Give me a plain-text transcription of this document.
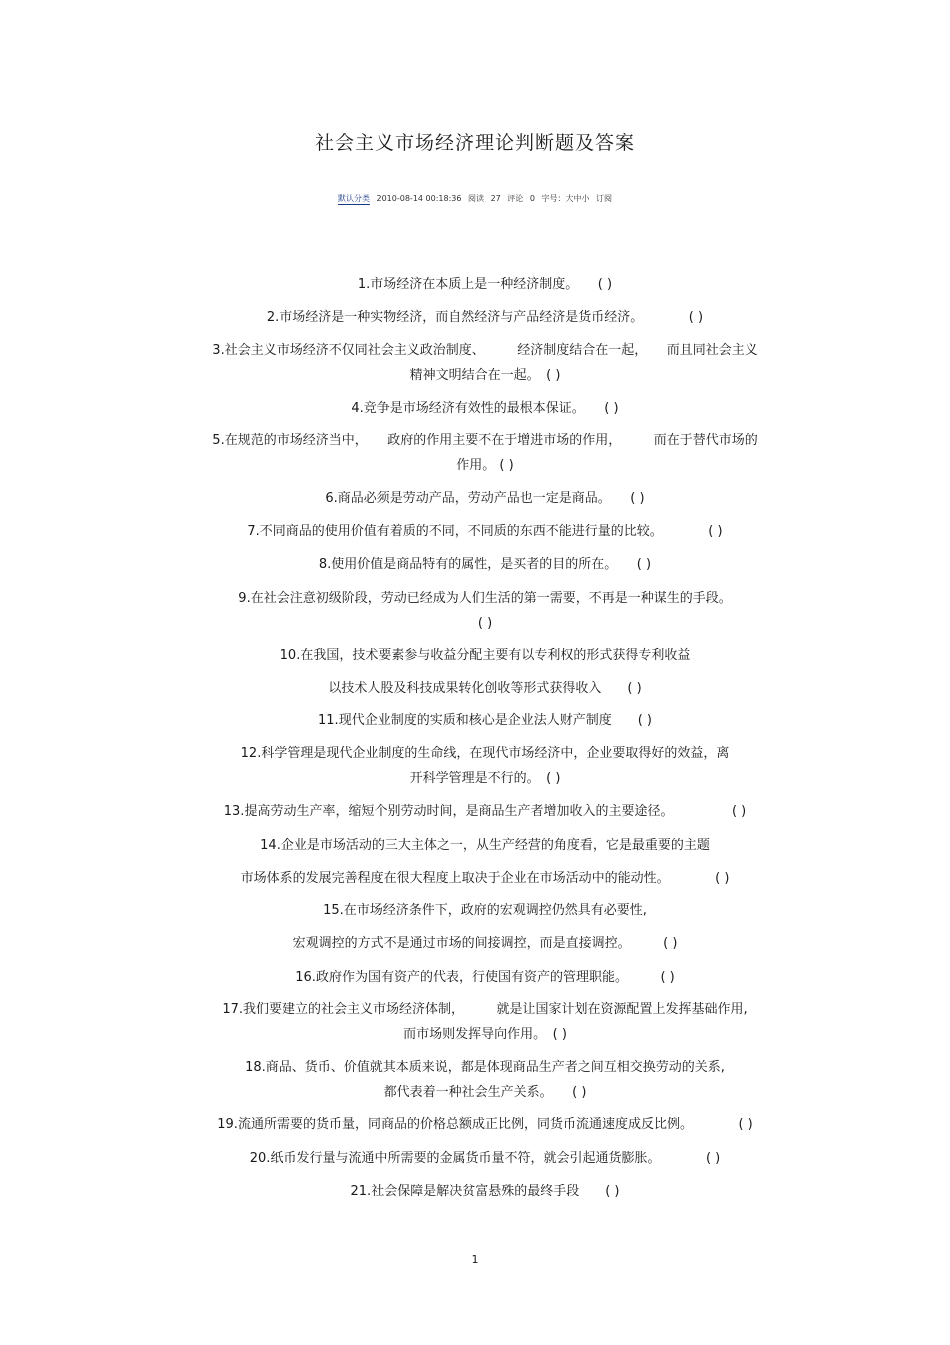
社会主义市场经济理论判断题及答案
默认分类 2010-08-14 00:18:36 阅读 27 评论 0 字号：大中小 订阅
1.市场经济在本质上是一种经济制度。　　( )
2.市场经济是一种实物经济，而自然经济与产品经济是货币经济。　　　　( )
3.社会主义市场经济不仅同社会主义政治制度、　　　经济制度结合在一起，　　而且同社会主义
精神文明结合在一起。　( )
4.竞争是市场经济有效性的最根本保证。　　( )
5.在规范的市场经济当中，　　政府的作用主要不在于增进市场的作用，　　　而在于替代市场的
作用。 ( )
6.商品必须是劳动产品，劳动产品也一定是商品。　　( )
7.不同商品的使用价值有着质的不同，不同质的东西不能进行量的比较。　　　　( )
8.使用价值是商品特有的属性，是买者的目的所在。　　( )
9.在社会注意初级阶段，劳动已经成为人们生活的第一需要，不再是一种谋生的手段。
( )
10.在我国，技术要素参与收益分配主要有以专利权的形式获得专利收益
以技术人股及科技成果转化创收等形式获得收入　　( )
11.现代企业制度的实质和核心是企业法人财产制度　　( )
12.科学管理是现代企业制度的生命线，在现代市场经济中，企业要取得好的效益，离
开科学管理是不行的。　( )
13.提高劳动生产率，缩短个别劳动时间，是商品生产者增加收入的主要途径。　　　　　( )
14.企业是市场活动的三大主体之一，从生产经营的角度看，它是最重要的主题
市场体系的发展完善程度在很大程度上取决于企业在市场活动中的能动性。　　　　( )
15.在市场经济条件下，政府的宏观调控仍然具有必要性,
宏观调控的方式不是通过市场的间接调控，而是直接调控。　　　( )
16.政府作为国有资产的代表，行使国有资产的管理职能。　　　( )
17.我们要建立的社会主义市场经济体制，　　　就是让国家计划在资源配置上发挥基础作用,
而市场则发挥导向作用。　( )
18.商品、货币、价值就其本质来说，都是体现商品生产者之间互相交换劳动的关系,
都代表着一种社会生产关系。　　( )
19.流通所需要的货币量，同商品的价格总额成正比例，同货币流通速度成反比例。　　　　( )
20.纸币发行量与流通中所需要的金属货币量不符，就会引起通货膨胀。　　　　( )
21.社会保障是解决贫富悬殊的最终手段　　( )
1
